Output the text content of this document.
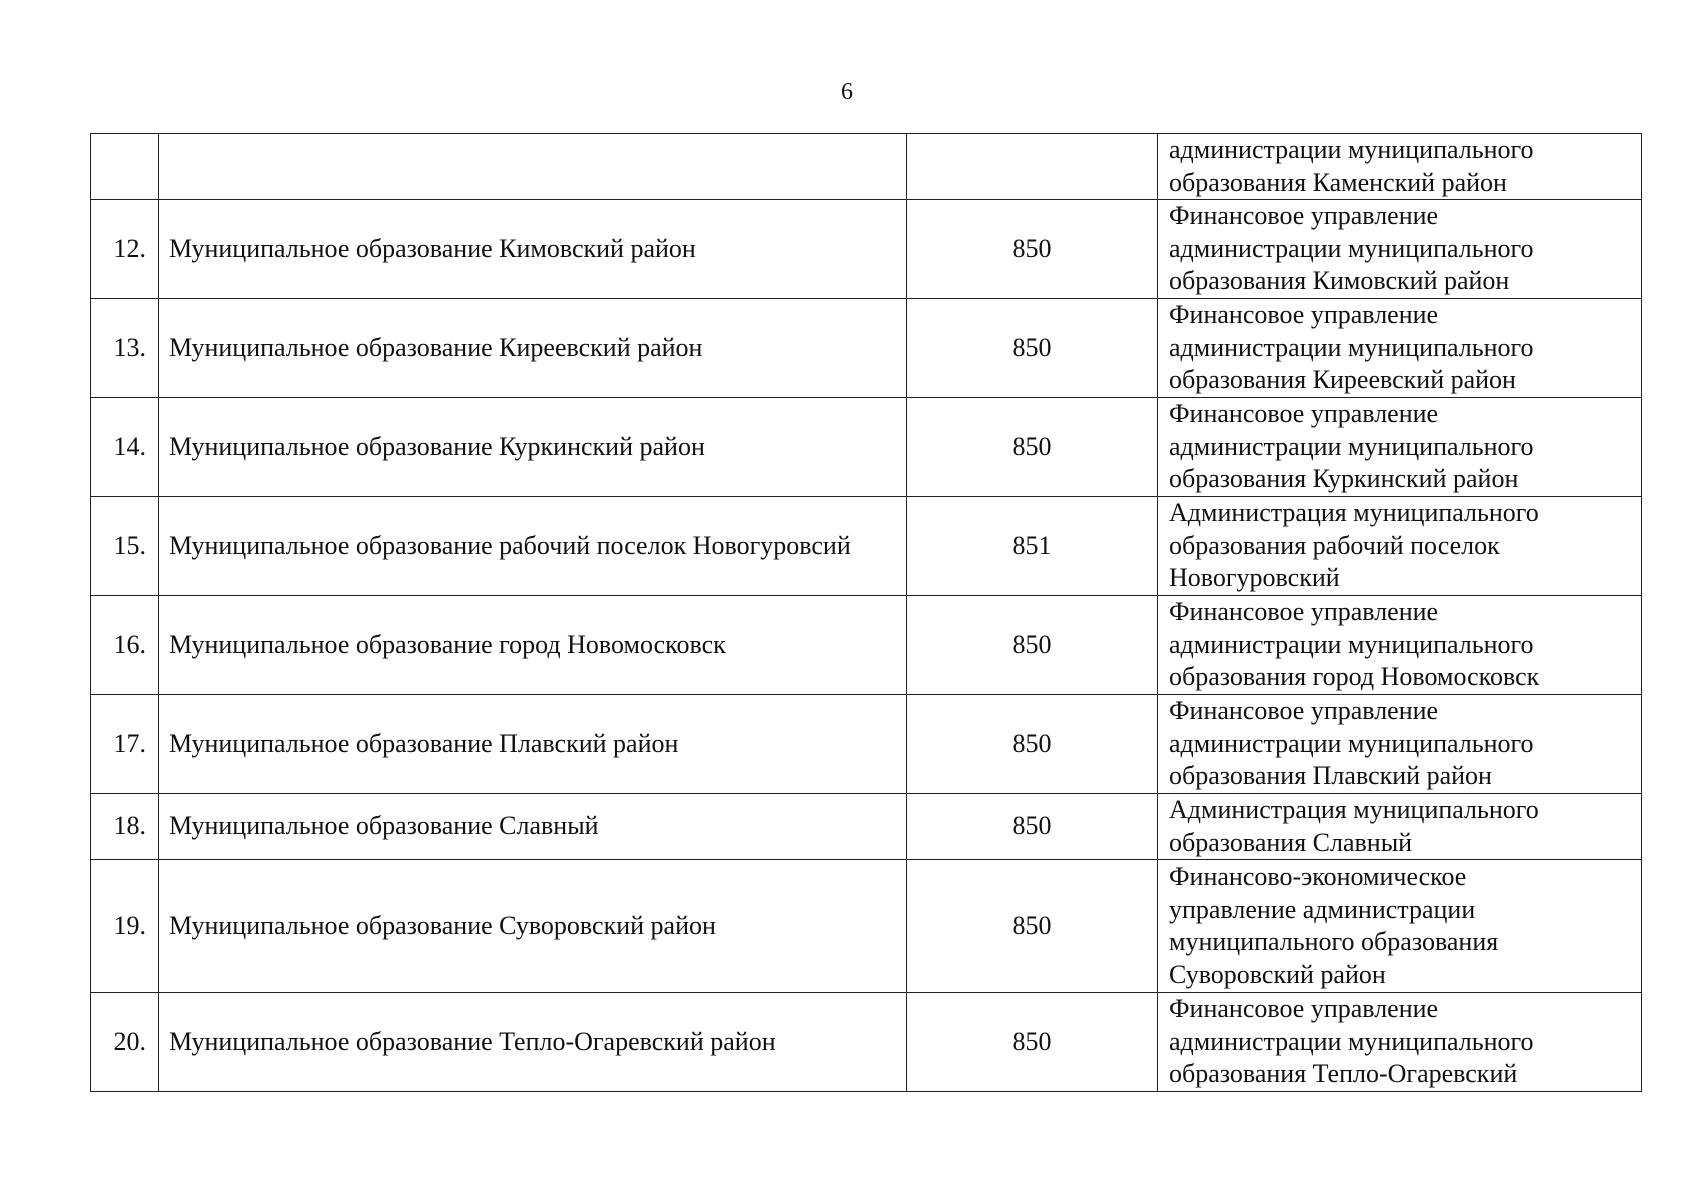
6

			администрации муниципального
образования Каменский район

12.	Муниципальное образование Кимовский район	850	Финансовое управление
администрации муниципального
образования Кимовский район

13.	Муниципальное образование Киреевский район	850	Финансовое управление
администрации муниципального
образования Киреевский район

14.	Муниципальное образование Куркинский район	850	Финансовое управление
администрации муниципального
образования Куркинский район

15.	Муниципальное образование рабочий поселок Новогуровсий	851	Администрация муниципального
образования рабочий поселок
Новогуровский

16.	Муниципальное образование город Новомосковск	850	Финансовое управление
администрации муниципального
образования город Новомосковск

17.	Муниципальное образование Плавский район	850	Финансовое управление
администрации муниципального
образования Плавский район

18.	Муниципальное образование Славный	850	Администрация муниципального
образования Славный

19.	Муниципальное образование Суворовский район	850	Финансово-экономическое
управление администрации
муниципального образования
Суворовский район

20.	Муниципальное образование Тепло-Огаревский район	850	Финансовое управление
администрации муниципального
образования Тепло-Огаревский
